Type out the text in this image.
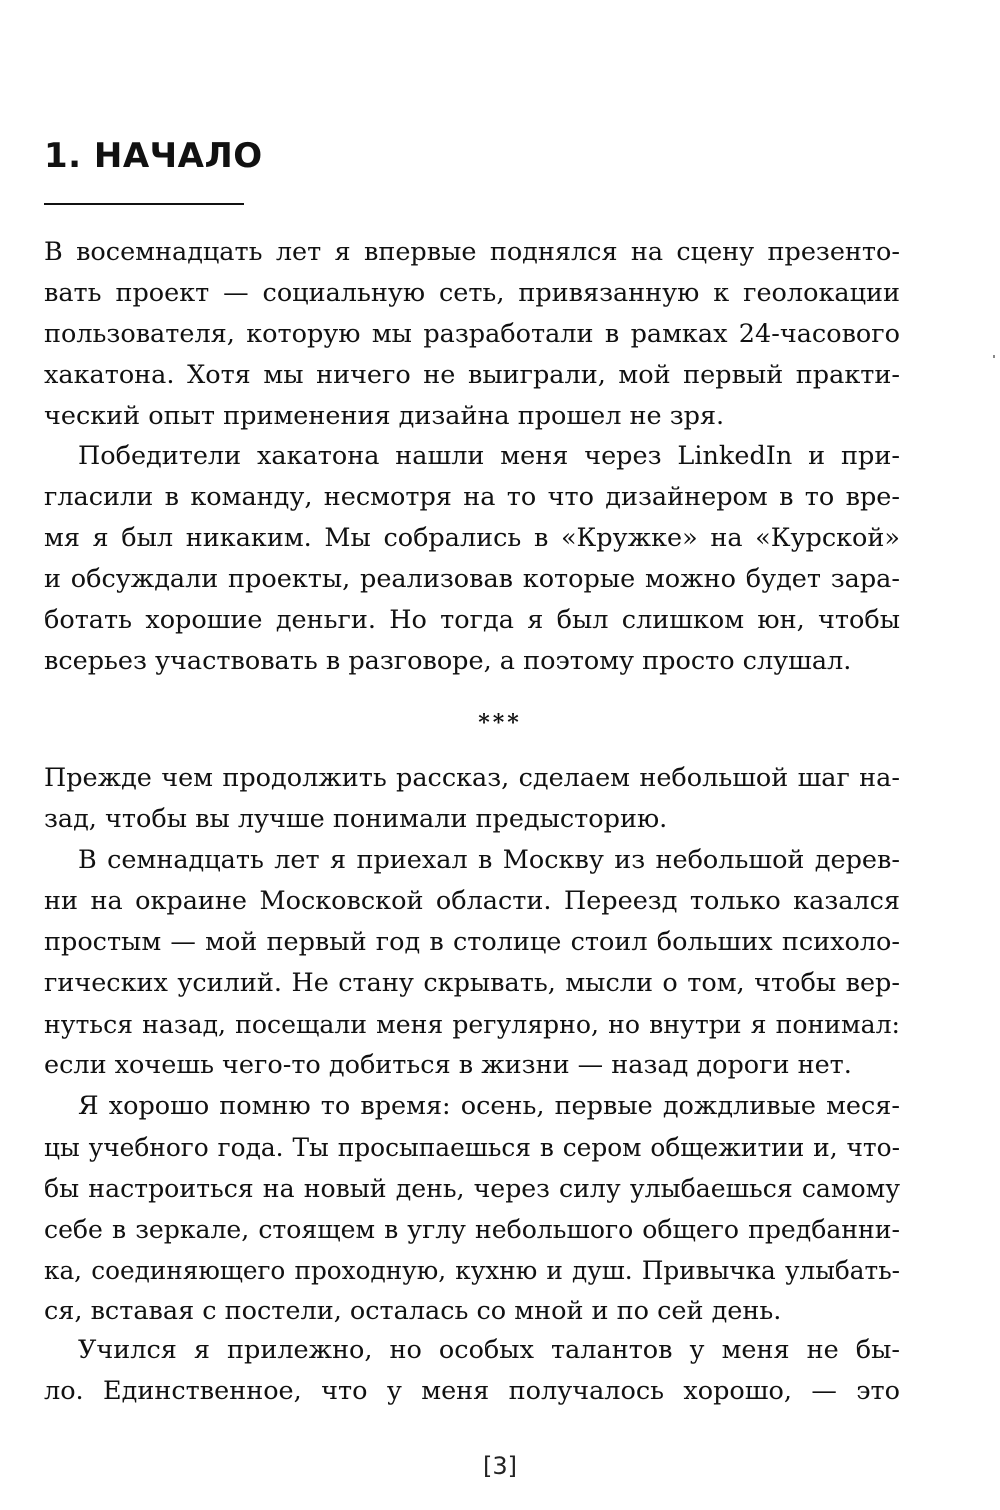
1. НАЧАЛО

В восемнадцать лет я впервые поднялся на сцену презенто-
вать проект — социальную сеть, привязанную к геолокации
пользователя, которую мы разработали в рамках 24-часового
хакатона. Хотя мы ничего не выиграли, мой первый практи-
ческий опыт применения дизайна прошел не зря.

Победители хакатона нашли меня через LinkedIn и при-
гласили в команду, несмотря на то что дизайнером в то вре-
мя я был никаким. Мы собрались в «Кружке» на «Курской»
и обсуждали проекты, реализовав которые можно будет зара-
ботать хорошие деньги. Но тогда я был слишком юн, чтобы
всерьез участвовать в разговоре, а поэтому просто слушал.

***

Прежде чем продолжить рассказ, сделаем небольшой шаг на-
зад, чтобы вы лучше понимали предысторию.

В семнадцать лет я приехал в Москву из небольшой дерев-
ни на окраине Московской области. Переезд только казался
простым — мой первый год в столице стоил больших психоло-
гических усилий. Не стану скрывать, мысли о том, чтобы вер-
нуться назад, посещали меня регулярно, но внутри я понимал:
если хочешь чего-то добиться в жизни — назад дороги нет.

Я хорошо помню то время: осень, первые дождливые меся-
цы учебного года. Ты просыпаешься в сером общежитии и, что-
бы настроиться на новый день, через силу улыбаешься самому
себе в зеркале, стоящем в углу небольшого общего предбанни-
ка, соединяющего проходную, кухню и душ. Привычка улыбать-
ся, вставая с постели, осталась со мной и по сей день.

Учился я прилежно, но особых талантов у меня не бы-
ло. Единственное, что у меня получалось хорошо, — это

[3]
